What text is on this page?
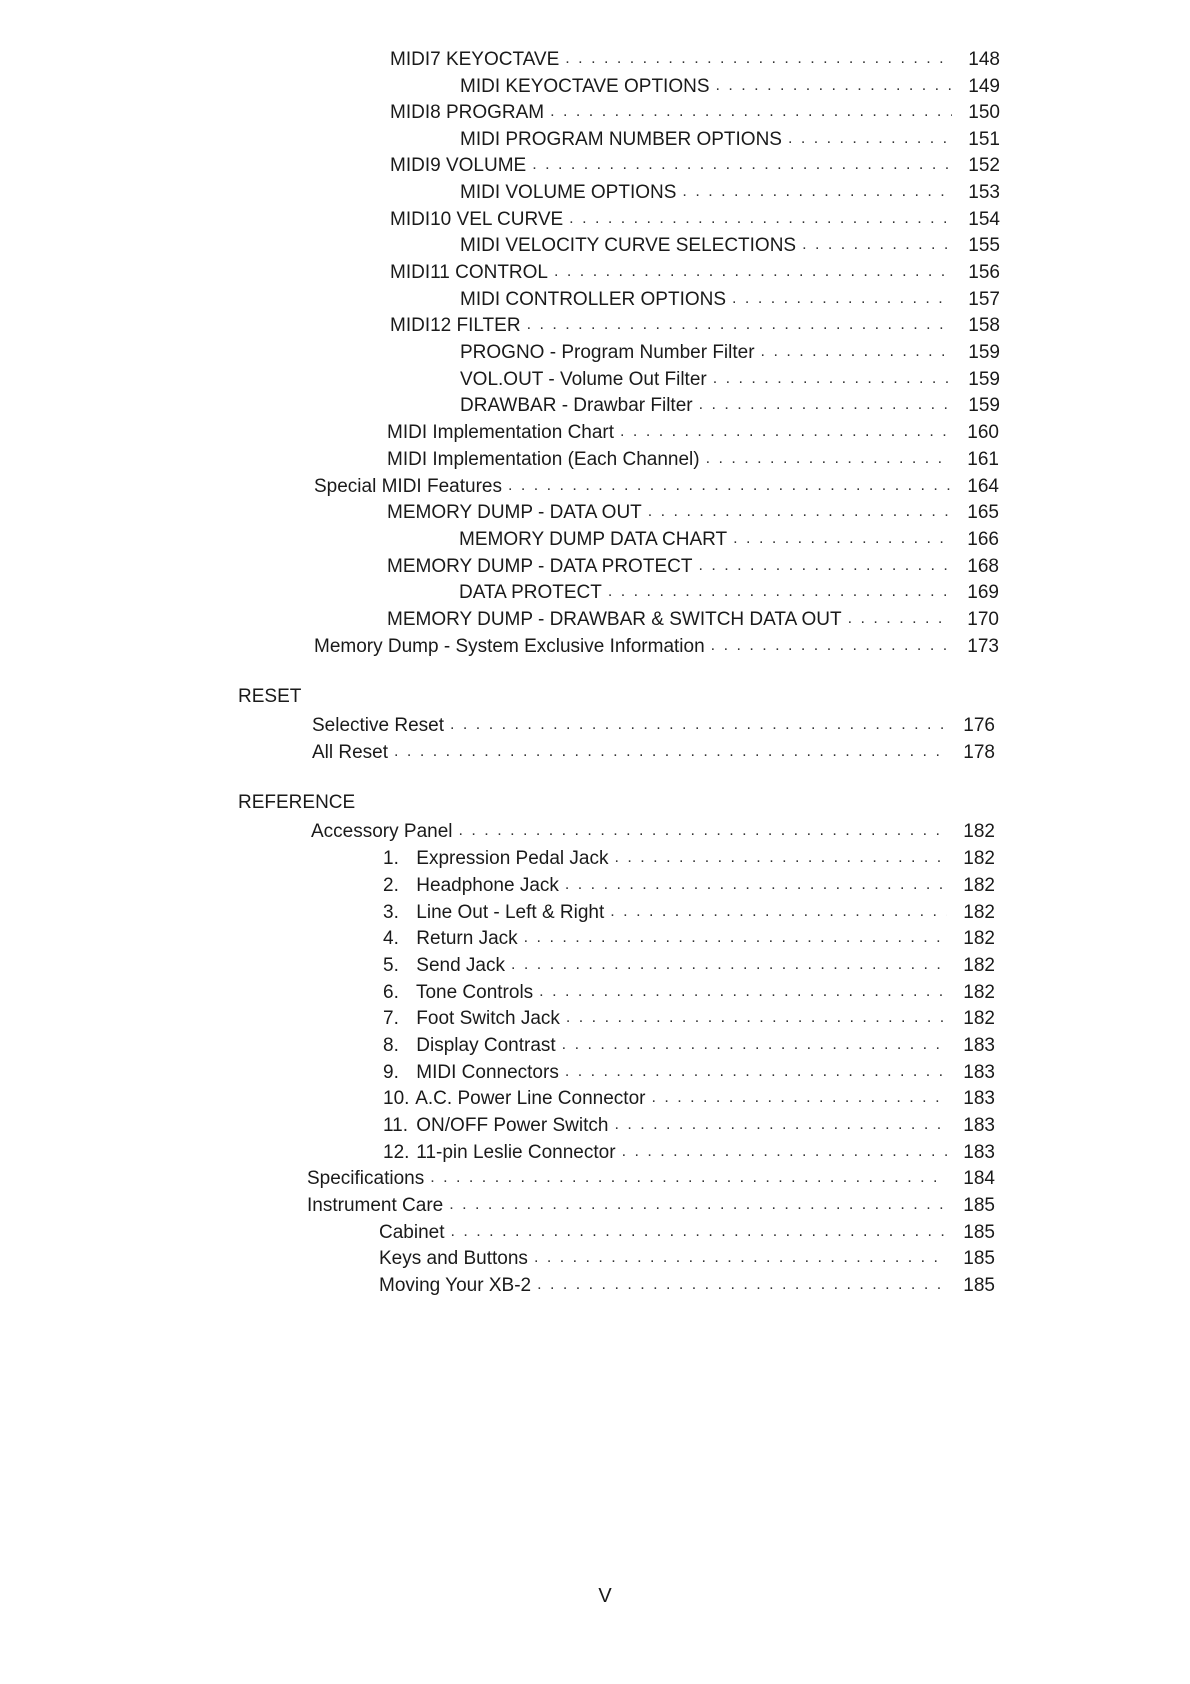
MIDI7 KEYOCTAVE . . .	148
MIDI KEYOCTAVE OPTIONS . . .	149
MIDI8 PROGRAM . . .	150
MIDI PROGRAM NUMBER OPTIONS . . .	151
MIDI9 VOLUME . . .	152
MIDI VOLUME OPTIONS . . .	153
MIDI10 VEL CURVE . . .	154
MIDI VELOCITY CURVE SELECTIONS . . .	155
MIDI11 CONTROL . . .	156
MIDI CONTROLLER OPTIONS . . .	157
MIDI12 FILTER . . .	158
PROGNO - Program Number Filter . . .	159
VOL.OUT - Volume Out Filter . . .	159
DRAWBAR - Drawbar Filter . . .	159
MIDI Implementation Chart . . .	160
MIDI Implementation (Each Channel) . . .	161
Special MIDI Features . . .	164
MEMORY DUMP - DATA OUT . . .	165
MEMORY DUMP DATA CHART . . .	166
MEMORY DUMP - DATA PROTECT . . .	168
DATA PROTECT . . .	169
MEMORY DUMP - DRAWBAR & SWITCH DATA OUT . . .	170
Memory Dump - System Exclusive Information . . .	173
RESET
Selective Reset . . .	176
All Reset . . .	178
REFERENCE
Accessory Panel . . .	182
1. Expression Pedal Jack . . .	182
2. Headphone Jack . . .	182
3. Line Out - Left & Right . . .	182
4. Return Jack . . .	182
5. Send Jack . . .	182
6. Tone Controls . . .	182
7. Foot Switch Jack . . .	182
8. Display Contrast . . .	183
9. MIDI Connectors . . .	183
10. A.C. Power Line Connector . . .	183
11. ON/OFF Power Switch . . .	183
12. 11-pin Leslie Connector . . .	183
Specifications . . .	184
Instrument Care . . .	185
Cabinet . . .	185
Keys and Buttons . . .	185
Moving Your XB-2 . . .	185
V
